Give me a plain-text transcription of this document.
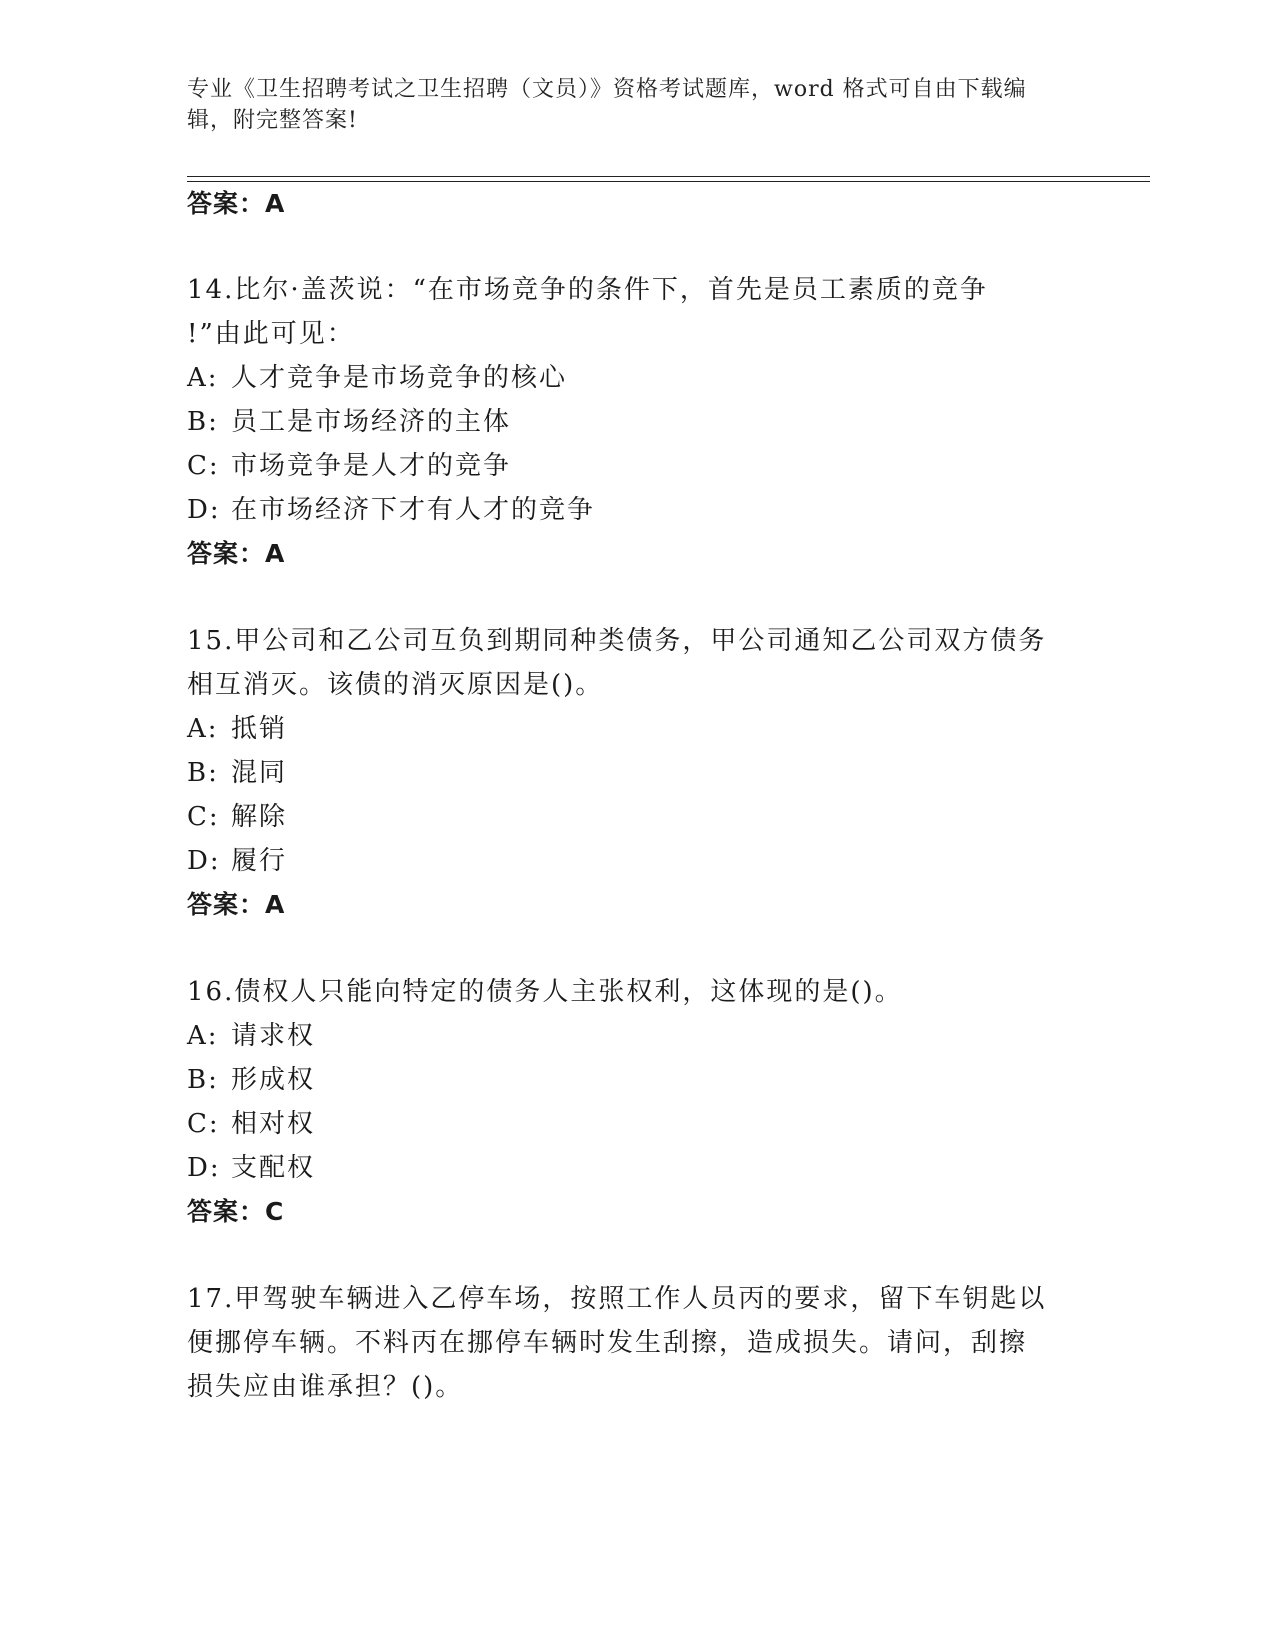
专业《卫生招聘考试之卫生招聘（文员）》资格考试题库，word 格式可自由下载编辑，附完整答案!
答案：A
14.比尔·盖茨说：“在市场竞争的条件下，首先是员工素质的竞争
!”由此可见：
A: 人才竞争是市场竞争的核心
B: 员工是市场经济的主体
C: 市场竞争是人才的竞争
D: 在市场经济下才有人才的竞争
答案：A
15.甲公司和乙公司互负到期同种类债务，甲公司通知乙公司双方债务
相互消灭。该债的消灭原因是()。
A: 抵销
B: 混同
C: 解除
D: 履行
答案：A
16.债权人只能向特定的债务人主张权利，这体现的是()。
A: 请求权
B: 形成权
C: 相对权
D: 支配权
答案：C
17.甲驾驶车辆进入乙停车场，按照工作人员丙的要求，留下车钥匙以
便挪停车辆。不料丙在挪停车辆时发生刮擦，造成损失。请问，刮擦
损失应由谁承担？()。
